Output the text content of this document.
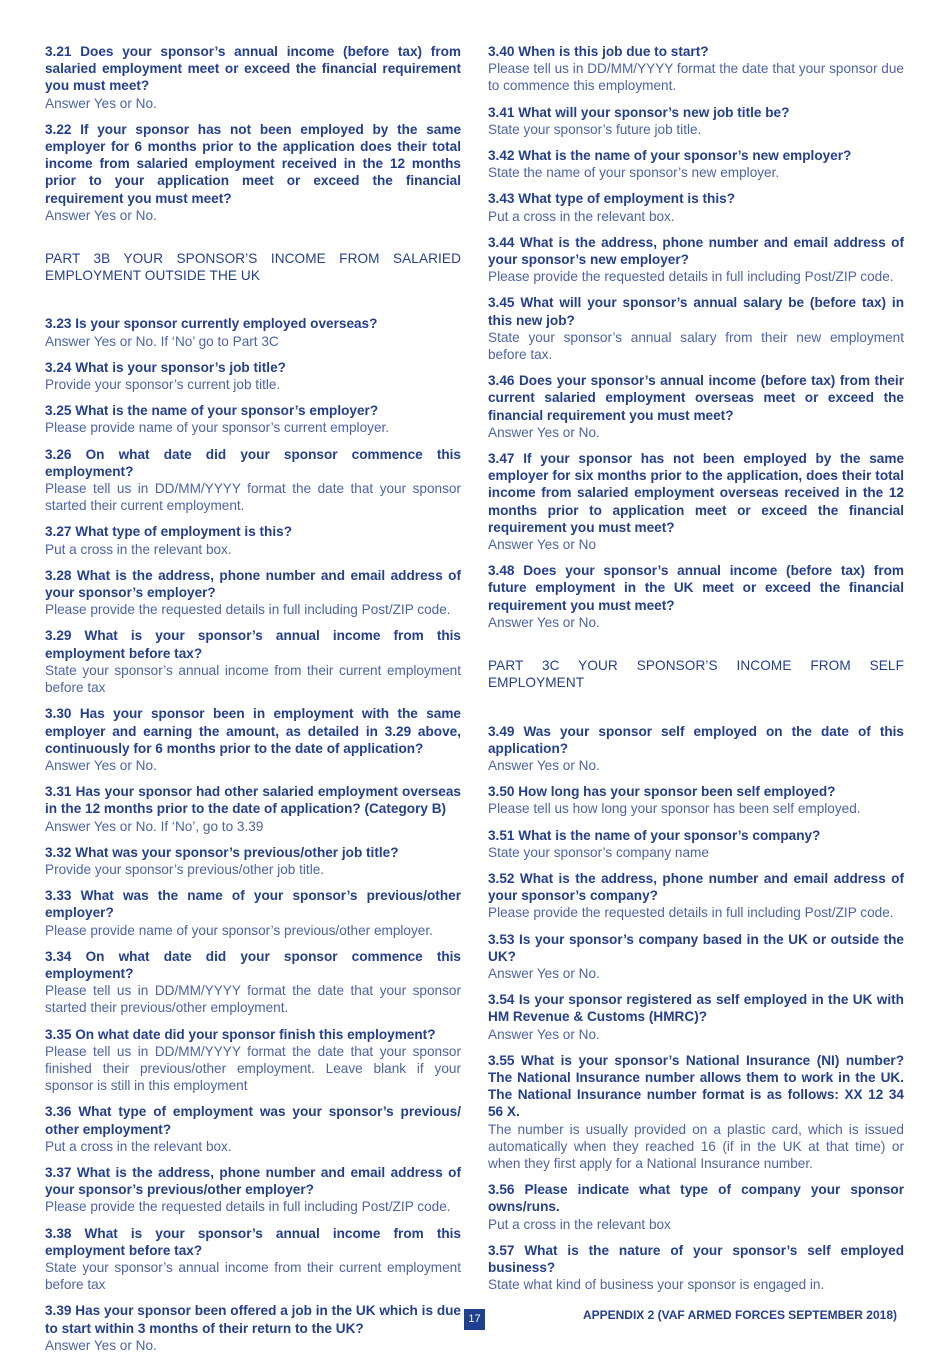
3.21 Does your sponsor’s annual income (before tax) from salaried employment meet or exceed the financial requirement you must meet?

Answer Yes or No.

3.22 If your sponsor has not been employed by the same employer for 6 months prior to the application does their total income from salaried employment received in the 12 months prior to your application meet or exceed the financial requirement you must meet?

Answer Yes or No.

PART 3B YOUR SPONSOR’S INCOME FROM SALARIED EMPLOYMENT OUTSIDE THE UK

3.23 Is your sponsor currently employed overseas?

Answer Yes or No. If ‘No’ go to Part 3C

3.24 What is your sponsor’s job title?

Provide your sponsor’s current job title.

3.25 What is the name of your sponsor’s employer?

Please provide name of your sponsor’s current employer.

3.26 On what date did your sponsor commence this employment?

Please tell us in DD/MM/YYYY format the date that your sponsor started their current employment.

3.27 What type of employment is this?

Put a cross in the relevant box.

3.28 What is the address, phone number and email address of your sponsor’s employer?

Please provide the requested details in full including Post/ZIP code.

3.29 What is your sponsor’s annual income from this employment before tax?

State your sponsor’s annual income from their current employment before tax

3.30 Has your sponsor been in employment with the same employer and earning the amount, as detailed in 3.29 above, continuously for 6 months prior to the date of application?

Answer Yes or No.

3.31 Has your sponsor had other salaried employment overseas in the 12 months prior to the date of application? (Category B)

Answer Yes or No. If ‘No’, go to 3.39

3.32 What was your sponsor’s previous/other job title?

Provide your sponsor’s previous/other job title.

3.33 What was the name of your sponsor’s previous/other employer?

Please provide name of your sponsor’s previous/other employer.

3.34 On what date did your sponsor commence this employment?

Please tell us in DD/MM/YYYY format the date that your sponsor started their previous/other employment.

3.35 On what date did your sponsor finish this employment?

Please tell us in DD/MM/YYYY format the date that your sponsor finished their previous/other employment. Leave blank if your sponsor is still in this employment

3.36 What type of employment was your sponsor’s previous/ other employment?

Put a cross in the relevant box.

3.37 What is the address, phone number and email address of your sponsor’s previous/other employer?

Please provide the requested details in full including Post/ZIP code.

3.38 What is your sponsor’s annual income from this employment before tax?

State your sponsor’s annual income from their current employment before tax

3.39 Has your sponsor been offered a job in the UK which is due to start within 3 months of their return to the UK?

Answer Yes or No.

3.40 When is this job due to start?

Please tell us in DD/MM/YYYY format the date that your sponsor due to commence this employment.

3.41 What will your sponsor’s new job title be?

State your sponsor’s future job title.

3.42 What is the name of your sponsor’s new employer?

State the name of your sponsor’s new employer.

3.43 What type of employment is this?

Put a cross in the relevant box.

3.44 What is the address, phone number and email address of your sponsor’s new employer?

Please provide the requested details in full including Post/ZIP code.

3.45 What will your sponsor’s annual salary be (before tax) in this new job?

State your sponsor’s annual salary from their new employment before tax.

3.46 Does your sponsor’s annual income (before tax) from their current salaried employment overseas meet or exceed the financial requirement you must meet?

Answer Yes or No.

3.47 If your sponsor has not been employed by the same employer for six months prior to the application, does their total income from salaried employment overseas received in the 12 months prior to application meet or exceed the financial requirement you must meet?

Answer Yes or No

3.48 Does your sponsor’s annual income (before tax) from future employment in the UK meet or exceed the financial requirement you must meet?

Answer Yes or No.

PART 3C YOUR SPONSOR’S INCOME FROM SELF EMPLOYMENT

3.49 Was your sponsor self employed on the date of this application?

Answer Yes or No.

3.50 How long has your sponsor been self employed?

Please tell us how long your sponsor has been self employed.

3.51 What is the name of your sponsor’s company?

State your sponsor’s company name

3.52 What is the address, phone number and email address of your sponsor’s company?

Please provide the requested details in full including Post/ZIP code.

3.53 Is your sponsor’s company based in the UK or outside the UK?

Answer Yes or No.

3.54 Is your sponsor registered as self employed in the UK with HM Revenue & Customs (HMRC)?

Answer Yes or No.

3.55 What is your sponsor’s National Insurance (NI) number? The National Insurance number allows them to work in the UK. The National Insurance number format is as follows: XX 12 34 56 X.

The number is usually provided on a plastic card, which is issued automatically when they reached 16 (if in the UK at that time) or when they first apply for a National Insurance number.

3.56 Please indicate what type of company your sponsor owns/runs.

Put a cross in the relevant box

3.57 What is the nature of your sponsor’s self employed business?

State what kind of business your sponsor is engaged in.

17	APPENDIX 2 (VAF ARMED FORCES SEPTEMBER 2018)
